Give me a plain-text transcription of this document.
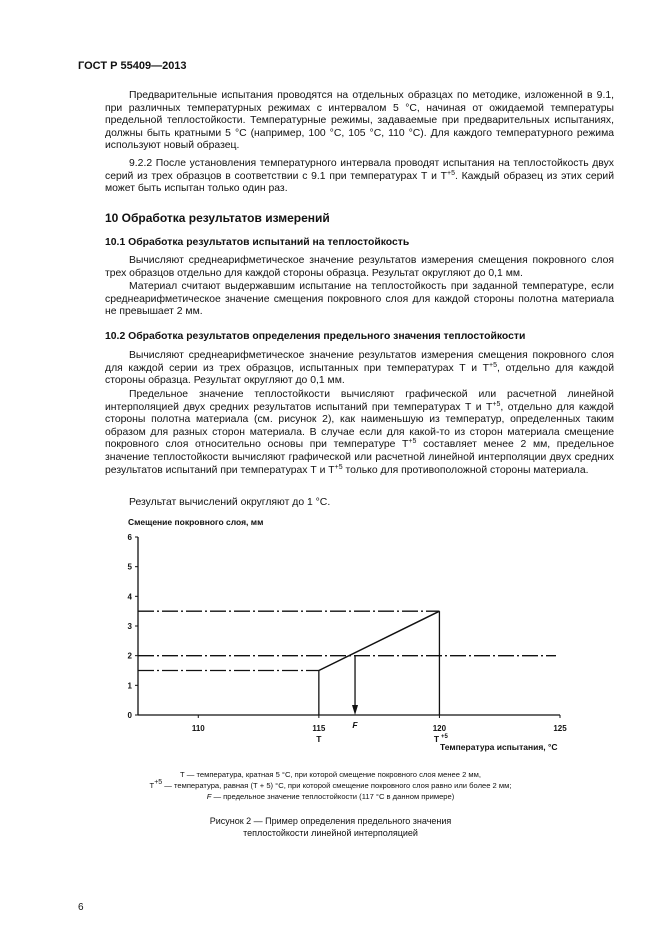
ГОСТ Р 55409—2013
Предварительные испытания проводятся на отдельных образцах по методике, изложенной в 9.1, при различных температурных режимах с интервалом 5 °С, начиная от ожидаемой температуры предельной теплостойкости. Температурные режимы, задаваемые при предварительных испытаниях, должны быть кратными 5 °С (например, 100 °С, 105 °С, 110 °С). Для каждого температурного режима используют новый образец.
9.2.2 После установления температурного интервала проводят испытания на теплостойкость двух серий из трех образцов в соответствии с 9.1 при температурах Т и $Т^{+5}$. Каждый образец из этих серий может быть испытан только один раз.
10 Обработка результатов измерений
10.1 Обработка результатов испытаний на теплостойкость
Вычисляют среднеарифметическое значение результатов измерения смещения покровного слоя трех образцов отдельно для каждой стороны образца. Результат округляют до 0,1 мм.
Материал считают выдержавшим испытание на теплостойкость при заданной температуре, если среднеарифметическое значение смещения покровного слоя для каждой стороны полотна материала не превышает 2 мм.
10.2 Обработка результатов определения предельного значения теплостойкости
Вычисляют среднеарифметическое значение результатов измерения смещения покровного слоя для каждой серии из трех образцов, испытанных при температурах Т и $Т^{+5}$, отдельно для каждой стороны образца. Результат округляют до 0,1 мм.
Предельное значение теплостойкости вычисляют графической или расчетной линейной интерполяцией двух средних результатов испытаний при температурах Т и $Т^{+5}$, отдельно для каждой стороны полотна материала (см. рисунок 2), как наименьшую из температур, определенных таким образом для разных сторон материала. В случае если для какой-то из сторон материала смещение покровного слоя относительно основы при температуре $Т^{+5}$ составляет менее 2 мм, предельное значение теплостойкости вычисляют графической или расчетной линейной интерполяции двух средних результатов испытаний при температурах Т и $Т^{+5}$ только для противоположной стороны материала.
Результат вычислений округляют до 1 °С.
Смещение покровного слоя, мм
Температура испытания, °С
0
1
2
3
4
5
6
110	115	120	125
F
Т	Т +5
Т — температура, кратная 5 °С, при которой смещение покровного слоя менее 2 мм,
$Т^{+5}$ — температура, равная (Т + 5) °С, при которой смещение покровного слоя равно или более 2 мм;
F — предельное значение теплостойкости (117 °С в данном примере)
Рисунок 2 — Пример определения предельного значения
теплостойкости линейной интерполяцией
6
